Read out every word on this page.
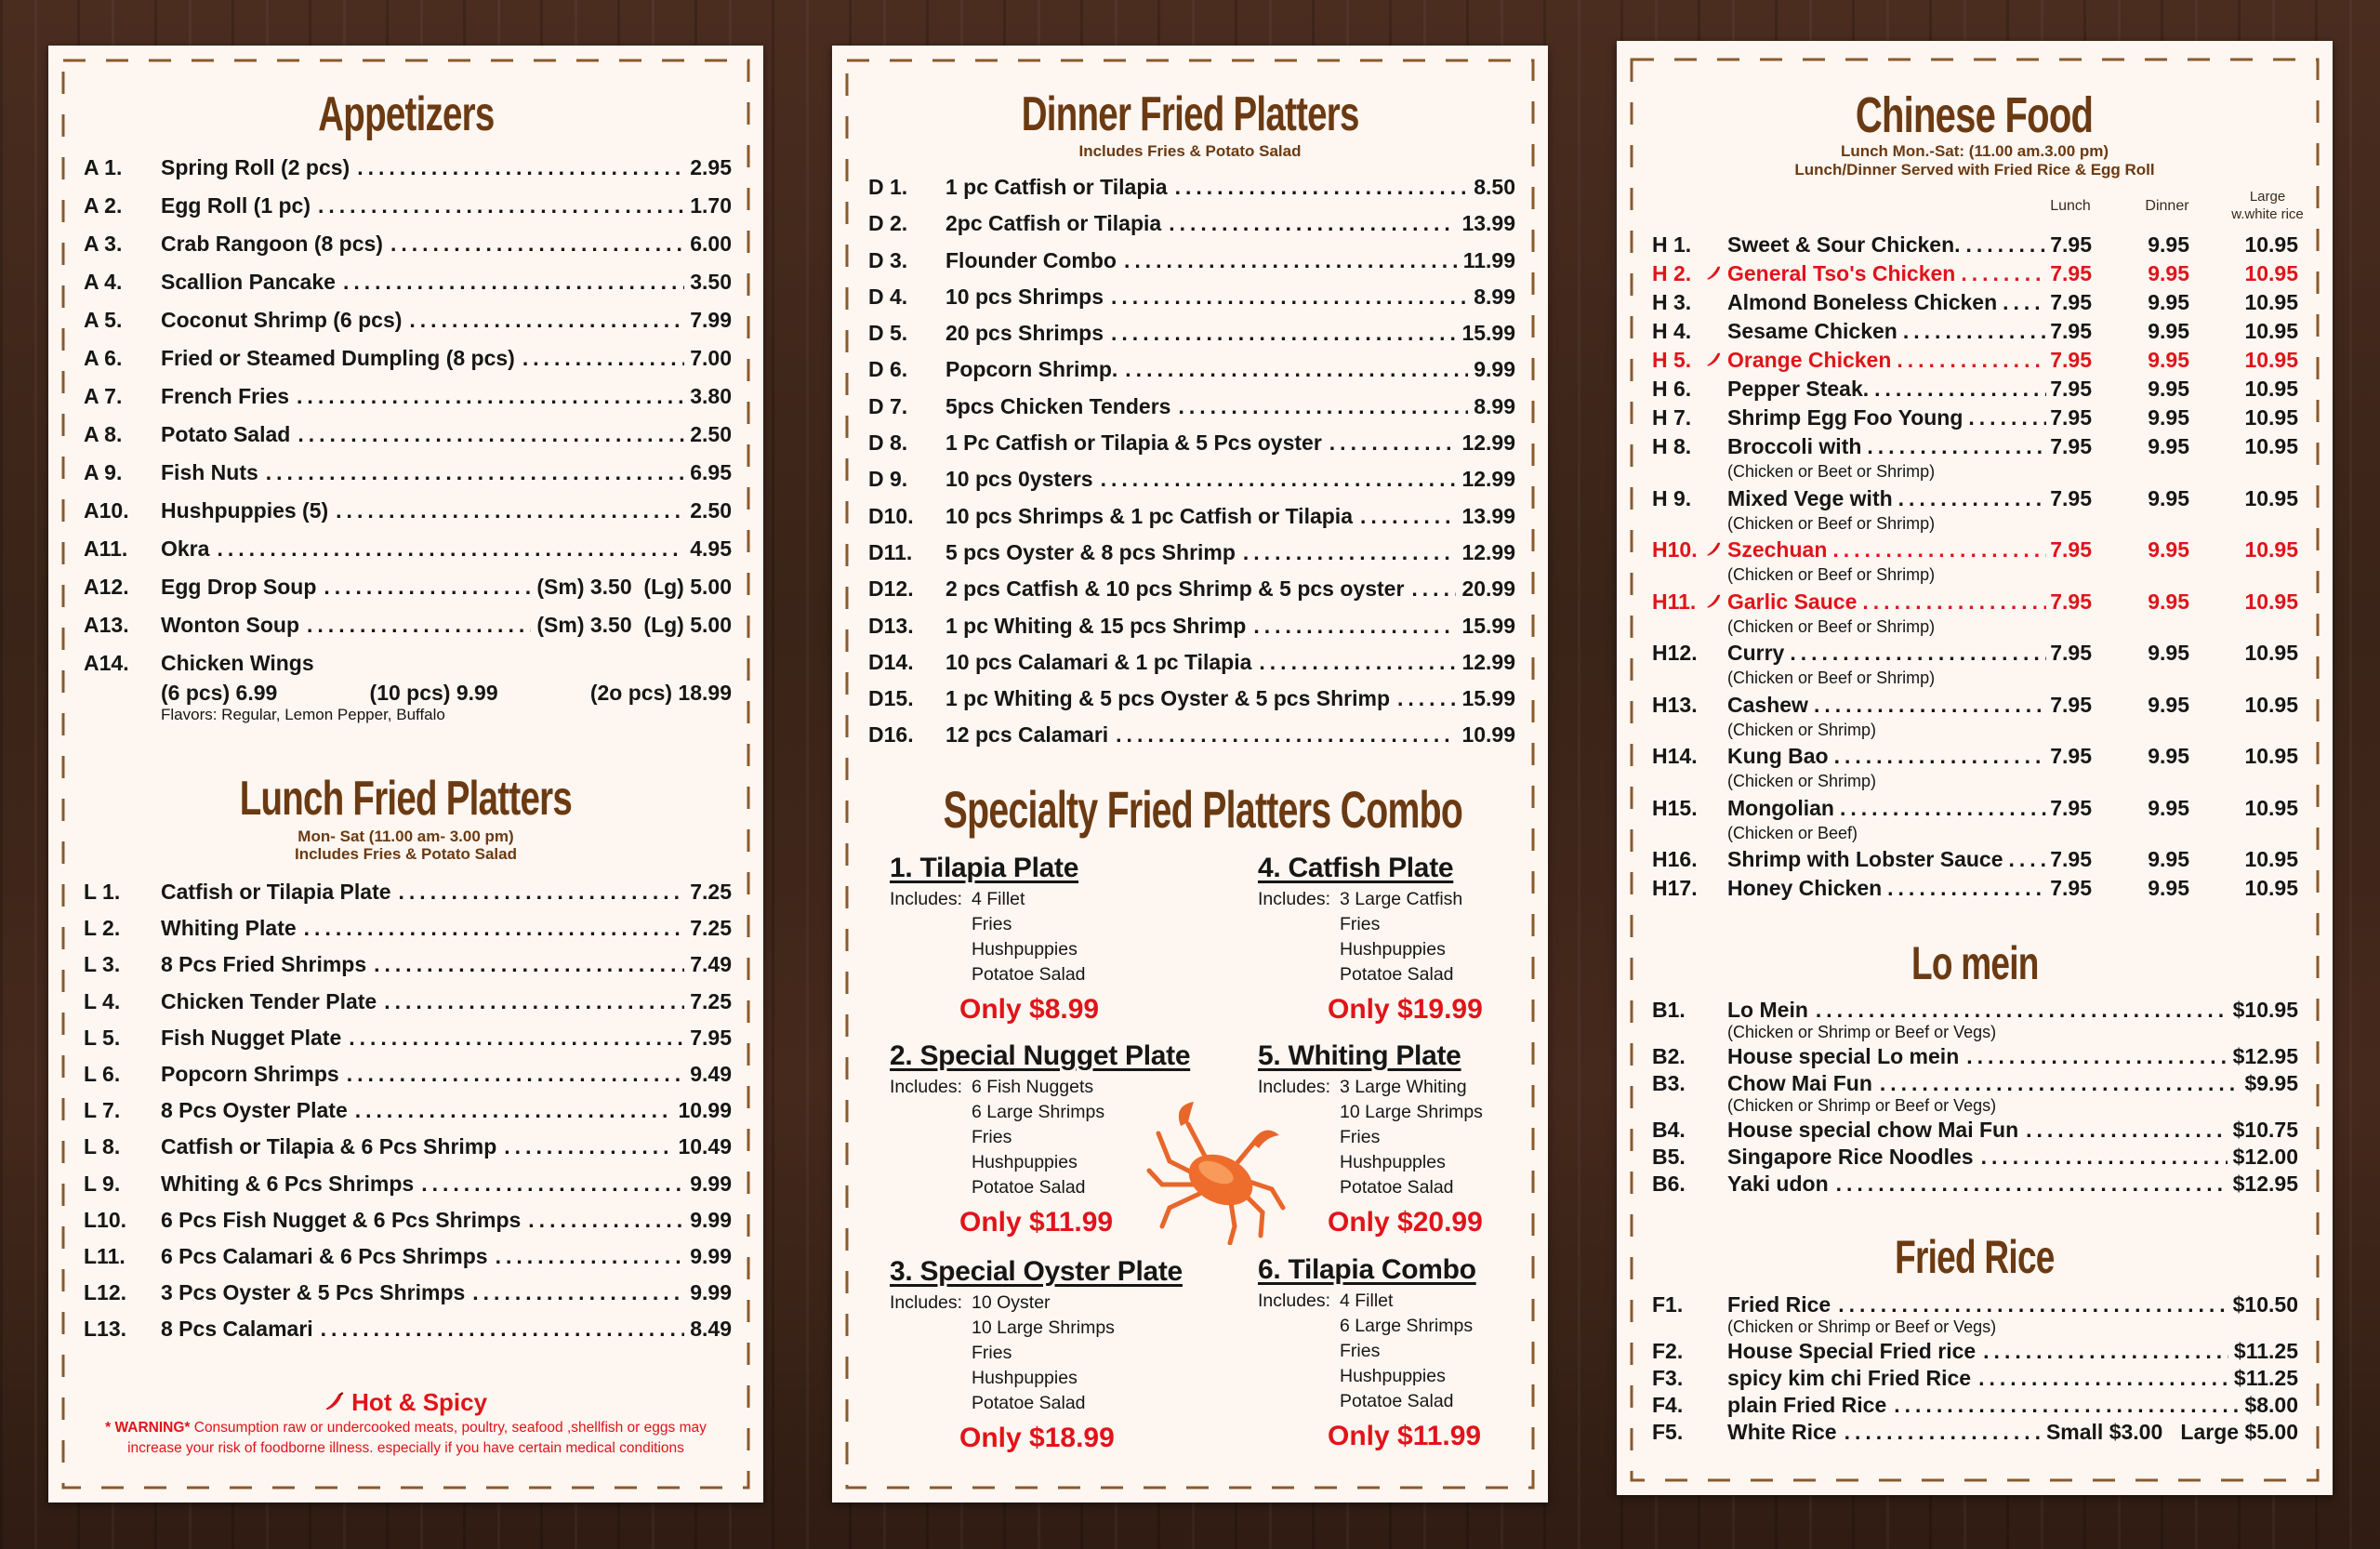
Appetizers
A 1.	Spring Roll (2 pcs) .....	2.95
A 2.	Egg Roll (1 pc) .....	1.70
A 3.	Crab Rangoon (8 pcs) .....	6.00
A 4.	Scallion Pancake .....	3.50
A 5.	Coconut Shrimp (6 pcs) .....	7.99
A 6.	Fried or Steamed Dumpling (8 pcs) .....	7.00
A 7.	French Fries .....	3.80
A 8.	Potato Salad .....	2.50
A 9.	Fish Nuts .....	6.95
A10.	Hushpuppies (5) .....	2.50
A11.	Okra .....	4.95
A12.	Egg Drop Soup .....	(Sm) 3.50  (Lg) 5.00
A13.	Wonton Soup .....	(Sm) 3.50  (Lg) 5.00
A14.	Chicken Wings
(6 pcs) 6.99	(10 pcs) 9.99	(2o pcs) 18.99
Flavors: Regular, Lemon Pepper, Buffalo
Lunch Fried Platters
Mon- Sat (11.00 am- 3.00 pm)
Includes Fries & Potato Salad
L 1.	Catfish or Tilapia Plate .....	7.25
L 2.	Whiting Plate .....	7.25
L 3.	8 Pcs Fried Shrimps .....	7.49
L 4.	Chicken Tender Plate .....	7.25
L 5.	Fish Nugget Plate .....	7.95
L 6.	Popcorn Shrimps .....	9.49
L 7.	8 Pcs Oyster Plate .....	10.99
L 8.	Catfish or Tilapia & 6 Pcs Shrimp .....	10.49
L 9.	Whiting & 6 Pcs Shrimps .....	9.99
L10.	6 Pcs Fish Nugget & 6 Pcs Shrimps .....	9.99
L11.	6 Pcs Calamari & 6 Pcs Shrimps .....	9.99
L12.	3 Pcs Oyster & 5 Pcs Shrimps .....	9.99
L13.	8 Pcs Calamari .....	8.49
Hot & Spicy
* WARNING* Consumption raw or undercooked meats, poultry, seafood ,shellfish or eggs may increase your risk of foodborne illness. especially if you have certain medical conditions
Dinner Fried Platters
Includes Fries & Potato Salad
D 1.	1 pc Catfish or Tilapia .....	8.50
D 2.	2pc Catfish or Tilapia .....	13.99
D 3.	Flounder Combo .....	11.99
D 4.	10 pcs Shrimps .....	8.99
D 5.	20 pcs Shrimps .....	15.99
D 6.	Popcorn Shrimp. .....	9.99
D 7.	5pcs Chicken Tenders .....	8.99
D 8.	1 Pc Catfish or Tilapia & 5 Pcs oyster .....	12.99
D 9.	10 pcs 0ysters .....	12.99
D10.	10 pcs Shrimps & 1 pc Catfish or Tilapia .....	13.99
D11.	5 pcs Oyster & 8 pcs Shrimp .....	12.99
D12.	2 pcs Catfish & 10 pcs Shrimp & 5 pcs oyster .....	20.99
D13.	1 pc Whiting & 15 pcs Shrimp .....	15.99
D14.	10 pcs Calamari & 1 pc Tilapia .....	12.99
D15.	1 pc Whiting & 5 pcs Oyster & 5 pcs Shrimp .....	15.99
D16.	12 pcs Calamari .....	10.99
Specialty Fried Platters Combo
1. Tilapia Plate
Includes: 4 Fillet
Fries
Hushpuppies
Potatoe Salad
Only $8.99
2. Special Nugget Plate
Includes: 6 Fish Nuggets
6 Large Shrimps
Fries
Hushpuppies
Potatoe Salad
Only $11.99
3. Special Oyster Plate
Includes: 10 Oyster
10 Large Shrimps
Fries
Hushpuppies
Potatoe Salad
Only $18.99
4. Catfish Plate
Includes: 3 Large Catfish
Fries
Hushpuppies
Potatoe Salad
Only $19.99
5. Whiting Plate
Includes: 3 Large Whiting
10 Large Shrimps
Fries
Hushpupples
Potatoe Salad
Only $20.99
6. Tilapia Combo
Includes: 4 Fillet
6 Large Shrimps
Fries
Hushpuppies
Potatoe Salad
Only $11.99
Chinese Food
Lunch Mon.-Sat: (11.00 am.3.00 pm)
Lunch/Dinner Served with Fried Rice & Egg Roll
Lunch	Dinner
Large
w.white rice
H 1.	Sweet & Sour Chicken. .....	7.95	9.95	10.95
H 2.	General Tso's Chicken .....	7.95	9.95	10.95
H 3.	Almond Boneless Chicken ..... 7.95	9.95	10.95
H 4.	Sesame Chicken .....	7.95	9.95	10.95
H 5.	Orange Chicken .....	7.95	9.95	10.95
H 6.	Pepper Steak. .....	7.95	9.95	10.95
H 7.	Shrimp Egg Foo Young .....	7.95	9.95	10.95
H 8.	Broccoli with .....	7.95	9.95	10.95
(Chicken or Beet or Shrimp)
H 9.	Mixed Vege with .....	7.95	9.95	10.95
(Chicken or Beef or Shrimp)
H10.	Szechuan .....	7.95	9.95	10.95
(Chicken or Beef or Shrimp)
H11.	Garlic Sauce .....	7.95	9.95	10.95
(Chicken or Beef or Shrimp)
H12.	Curry .....	7.95	9.95	10.95
(Chicken or Beef or Shrimp)
H13.	Cashew .....	7.95	9.95	10.95
(Chicken or Shrimp)
H14.	Kung Bao .....	7.95	9.95	10.95
(Chicken or Shrimp)
H15.	Mongolian .....	7.95	9.95	10.95
(Chicken or Beef)
H16.	Shrimp with Lobster Sauce ..... 7.95	9.95	10.95
H17.	Honey Chicken .....	7.95	9.95	10.95
Lo mein
B1.	Lo Mein .....	$10.95
(Chicken or Shrimp or Beef or Vegs)
B2.	House special Lo mein .....	$12.95
B3.	Chow Mai Fun .....	$9.95
(Chicken or Shrimp or Beef or Vegs)
B4.	House special chow Mai Fun .....	$10.75
B5.	Singapore Rice Noodles .....	$12.00
B6.	Yaki udon .....	$12.95
Fried Rice
F1.	Fried Rice .....	$10.50
(Chicken or Shrimp or Beef or Vegs)
F2.	House Special Fried rice .....	$11.25
F3.	spicy kim chi Fried Rice .....	$11.25
F4.	plain Fried Rice .....	$8.00
F5.	White Rice .....	Small $3.00   Large $5.00
